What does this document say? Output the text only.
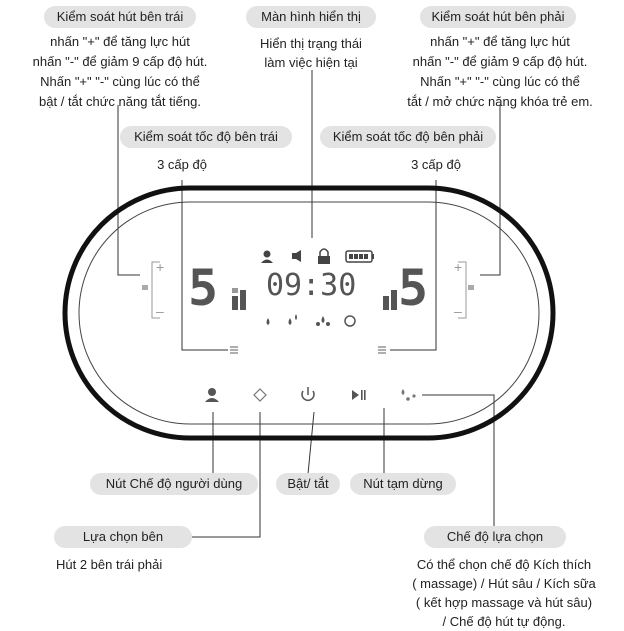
5 09:30 5
+
–
+
–
Kiểm soát hút bên trái	Màn hình hiển thị	Kiểm soát hút bên phải
nhấn "+" để tăng lực hút
nhấn "-" để giảm 9 cấp độ hút.
Nhấn "+" "-" cùng lúc có thể
bật / tắt chức năng tắt tiếng.
Hiển thị trạng thái
làm việc hiện tại
nhấn "+" để tăng lực hút
nhấn "-" để giảm 9 cấp độ hút.
Nhấn "+" "-" cùng lúc có thể
tắt / mở chức năng khóa trẻ em.
Kiểm soát tốc độ bên trái	Kiểm soát tốc độ bên phải
3 cấp độ	3 cấp độ
Nút Chế độ người dùng	Bật/ tắt	Nút tạm dừng
Lựa chọn bên
Hút 2 bên trái phải
Chế độ lựa chọn
Có thể chọn chế độ Kích thích
( massage) / Hút sâu / Kích sữa
( kết hợp massage và hút sâu)
/ Chế độ hút tự động.
